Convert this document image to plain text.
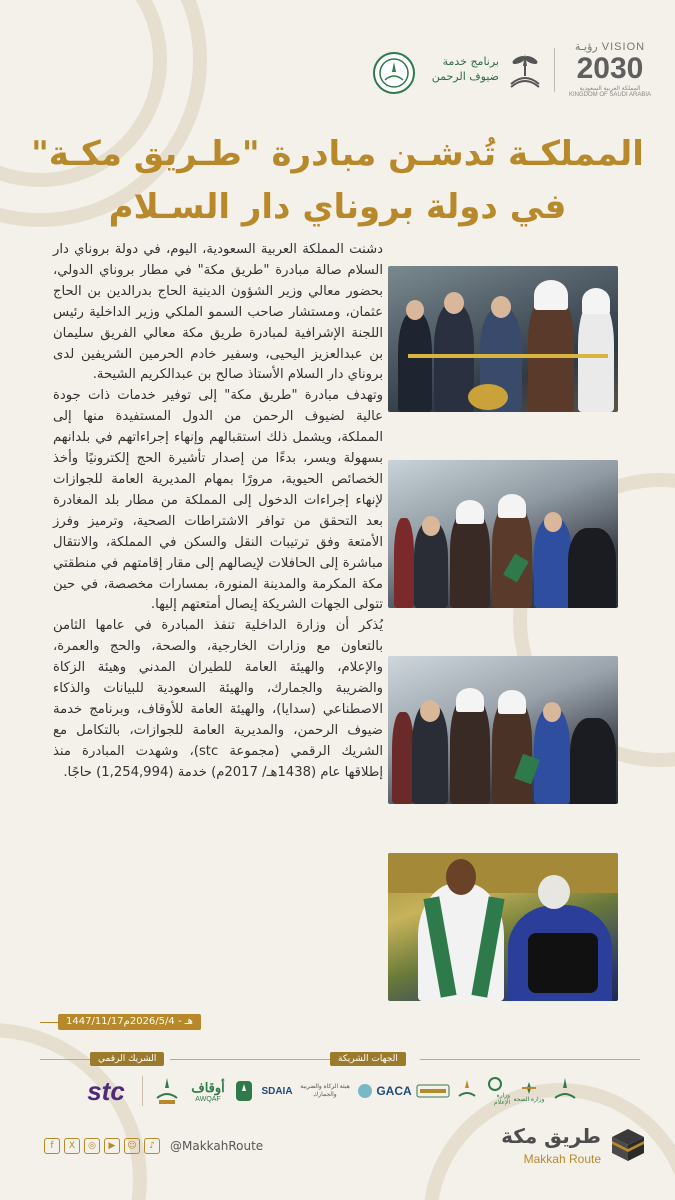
VISION رؤيـة
2030
المملكة العربية السعودية
KINGDOM OF SAUDI ARABIA
برنامج خدمة
ضيوف الرحمن
المملكـة تُدشـن مبادرة "طـريق مكـة"
في دولة بروناي دار السـلام

دشنت المملكة العربية السعودية، اليوم، في دولة بروناي دار السلام صالة مبادرة "طريق مكة" في مطار بروناي الدولي، بحضور معالي وزير الشؤون الدينية الحاج بدرالدين بن الحاج عثمان، ومستشار صاحب السمو الملكي وزير الداخلية رئيس اللجنة الإشرافية لمبادرة طريق مكة معالي الفريق سليمان بن عبدالعزيز اليحيى، وسفير خادم الحرمين الشريفين لدى بروناي دار السلام الأستاذ صالح بن عبدالكريم الشيحة.

وتهدف مبادرة "طريق مكة" إلى توفير خدمات ذات جودة عالية لضيوف الرحمن من الدول المستفيدة منها إلى المملكة، ويشمل ذلك استقبالهم وإنهاء إجراءاتهم في بلدانهم بسهولة ويسر، بدءًا من إصدار تأشيرة الحج إلكترونيًا وأخذ الخصائص الحيوية، مرورًا بمهام المديرية العامة للجوازات لإنهاء إجراءات الدخول إلى المملكة من مطار بلد المغادرة بعد التحقق من توافر الاشتراطات الصحية، وترميز وفرز الأمتعة وفق ترتيبات النقل والسكن في المملكة، والانتقال مباشرة إلى الحافلات لإيصالهم إلى مقار إقامتهم في منطقتي مكة المكرمة والمدينة المنورة، بمسارات مخصصة، في حين تتولى الجهات الشريكة إيصال أمتعتهم إليها.

يُذكر أن وزارة الداخلية تنفذ المبادرة في عامها الثامن بالتعاون مع وزارات الخارجية، والصحة، والحج والعمرة، والإعلام، والهيئة العامة للطيران المدني وهيئة الزكاة والضريبة والجمارك، والهيئة السعودية للبيانات والذكاء الاصطناعي (سدايا)، والهيئة العامة للأوقاف، وبرنامج خدمة ضيوف الرحمن، والمديرية العامة للجوازات، بالتكامل مع الشريك الرقمي (مجموعة stc)، وشهدت المبادرة منذ إطلاقها عام (1438هـ/ 2017م) خدمة (1,254,994) حاجًا.

1447/11/17هـ - 2026/5/4م
الشريك الرقمي	الجهات الشريكة
stc	أوقاف
AWQAF
SDAIA	هيئة الزكاة والضريبة والجمارك	GACA	وزارة الإعلام
وزارة الصحة
f	X	◎	▶	☺	♪	@MakkahRoute	طريق مكة
Makkah Route
